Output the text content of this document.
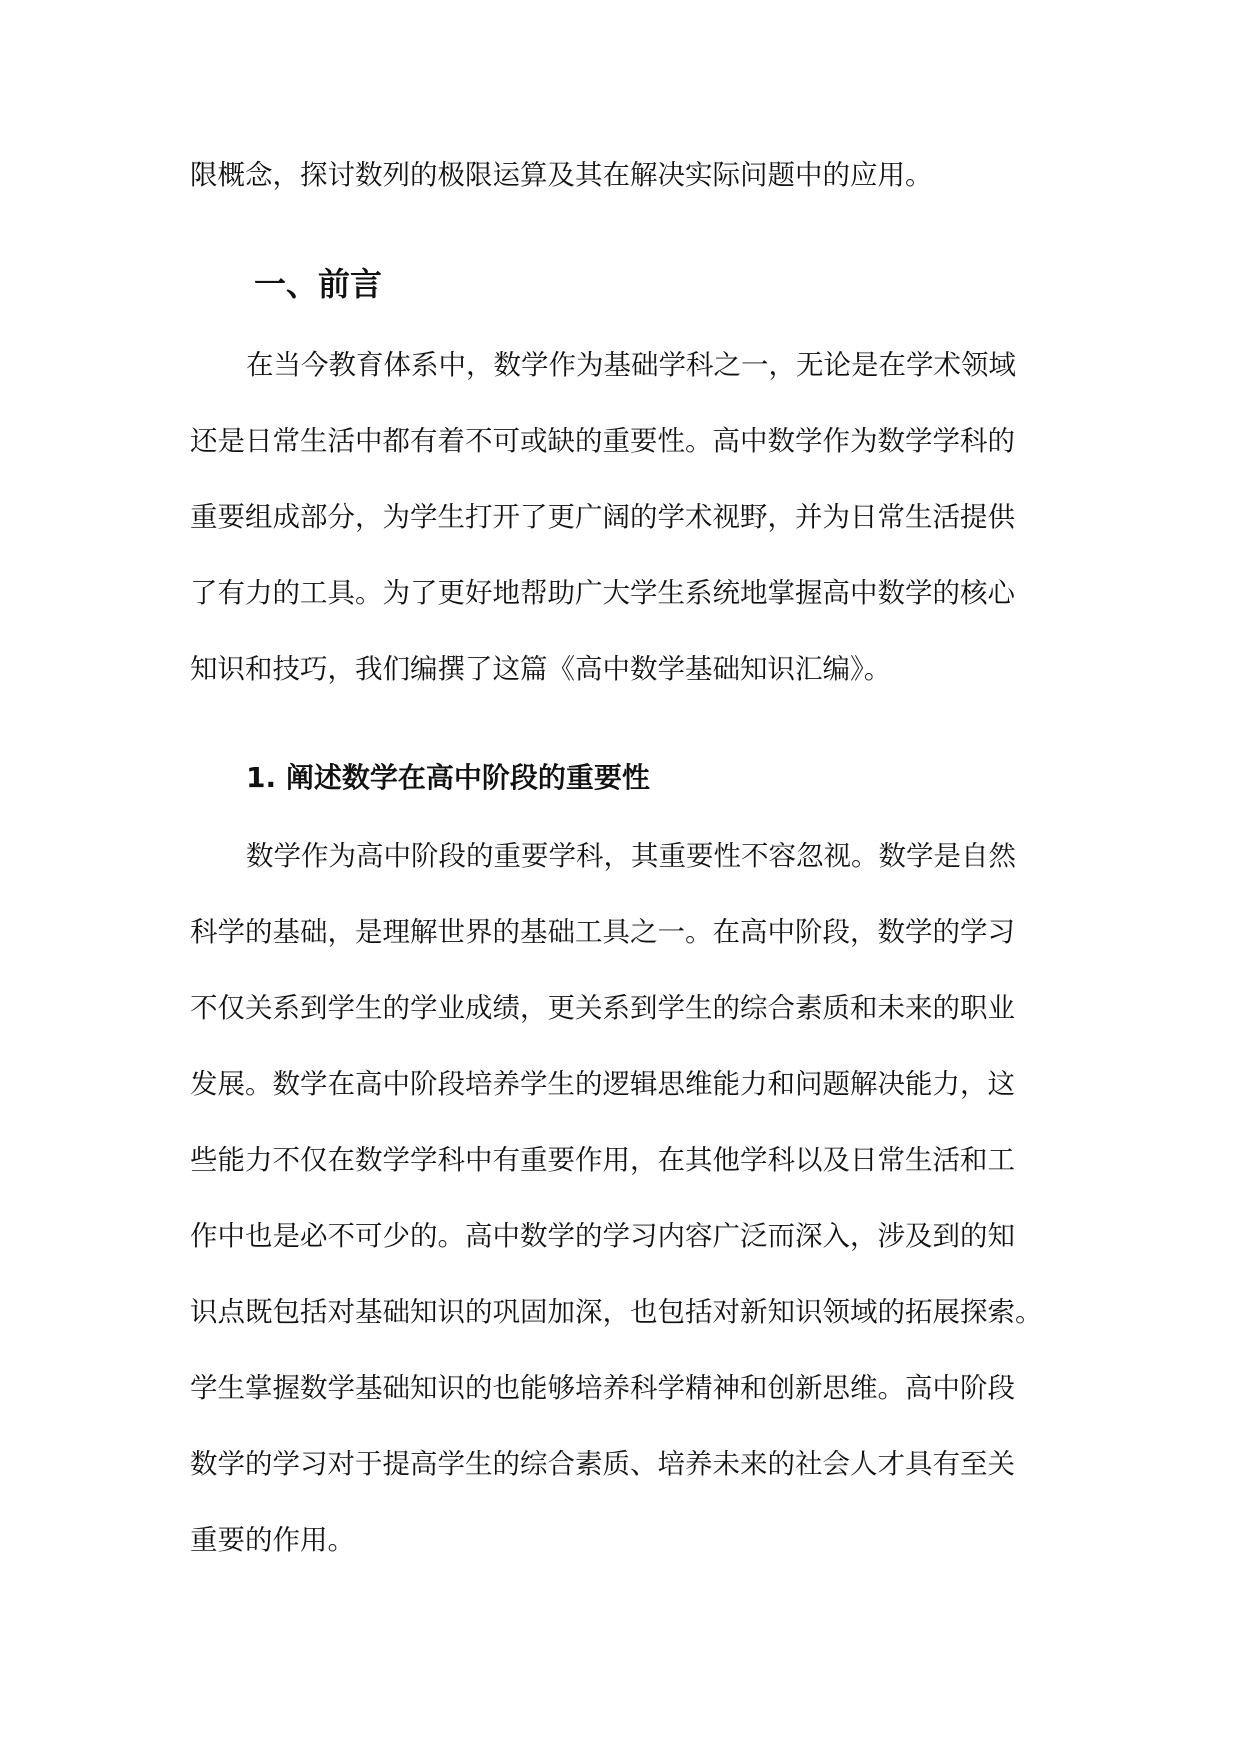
限概念，探讨数列的极限运算及其在解决实际问题中的应用。
一、前言
在当今教育体系中，数学作为基础学科之一，无论是在学术领域
还是日常生活中都有着不可或缺的重要性。高中数学作为数学学科的
重要组成部分，为学生打开了更广阔的学术视野，并为日常生活提供
了有力的工具。为了更好地帮助广大学生系统地掌握高中数学的核心
知识和技巧，我们编撰了这篇《高中数学基础知识汇编》。
1. 阐述数学在高中阶段的重要性
数学作为高中阶段的重要学科，其重要性不容忽视。数学是自然
科学的基础，是理解世界的基础工具之一。在高中阶段，数学的学习
不仅关系到学生的学业成绩，更关系到学生的综合素质和未来的职业
发展。数学在高中阶段培养学生的逻辑思维能力和问题解决能力，这
些能力不仅在数学学科中有重要作用，在其他学科以及日常生活和工
作中也是必不可少的。高中数学的学习内容广泛而深入，涉及到的知
识点既包括对基础知识的巩固加深，也包括对新知识领域的拓展探索。
学生掌握数学基础知识的也能够培养科学精神和创新思维。高中阶段
数学的学习对于提高学生的综合素质、培养未来的社会人才具有至关
重要的作用。
